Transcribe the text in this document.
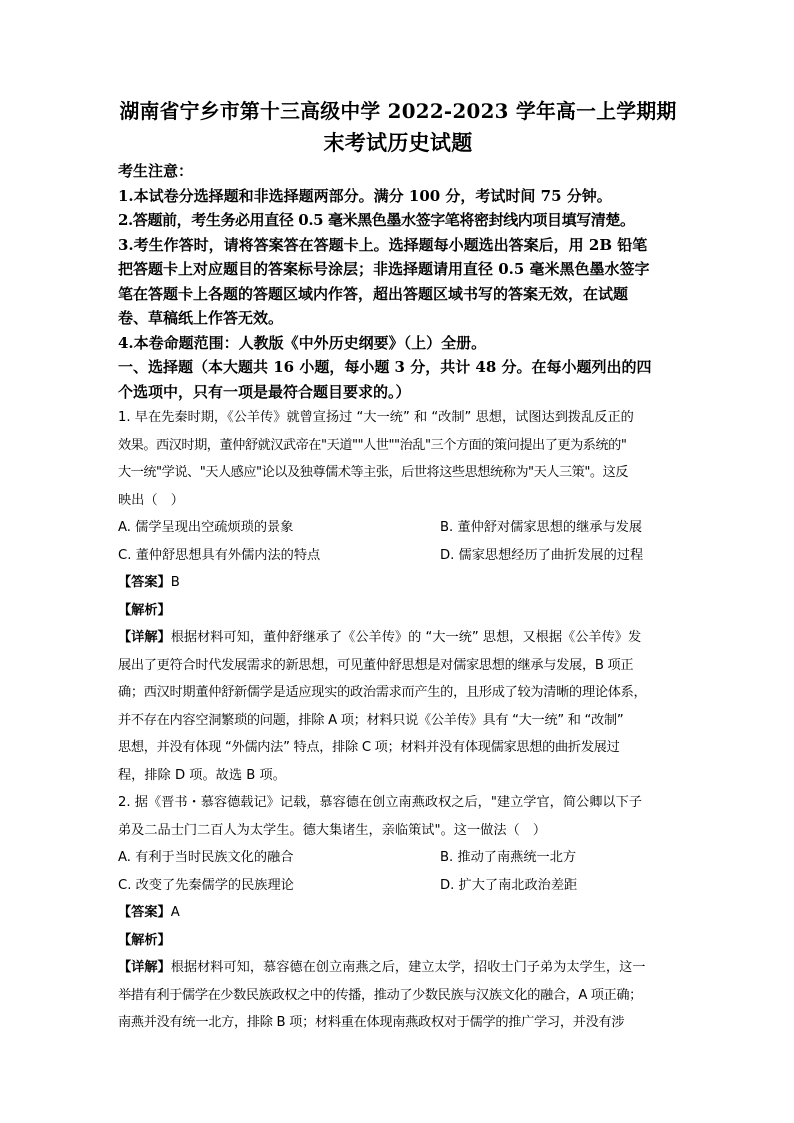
湖南省宁乡市第十三高级中学 2022-2023 学年高一上学期期
末考试历史试题

考生注意：

1.本试卷分选择题和非选择题两部分。满分 100 分，考试时间 75 分钟。

2.答题前，考生务必用直径 0.5 毫米黑色墨水签字笔将密封线内项目填写清楚。

3.考生作答时，请将答案答在答题卡上。选择题每小题选出答案后，用 2B 铅笔

把答题卡上对应题目的答案标号涂层；非选择题请用直径 0.5 毫米黑色墨水签字

笔在答题卡上各题的答题区域内作答，超出答题区域书写的答案无效，在试题

卷、草稿纸上作答无效。

4.本卷命题范围：人教版《中外历史纲要》（上）全册。

一、选择题（本大题共 16 小题，每小题 3 分，共计 48 分。在每小题列出的四

个选项中，只有一项是最符合题目要求的。）

1. 早在先秦时期，《公羊传》就曾宣扬过 “大一统” 和 “改制” 思想，试图达到拨乱反正的

效果。西汉时期，董仲舒就汉武帝在"天道""人世""治乱"三个方面的策问提出了更为系统的"

大一统"学说、"天人感应"论以及独尊儒术等主张，后世将这些思想统称为"天人三策"。这反

映出（　）

A. 儒学呈现出空疏烦琐的景象	B. 董仲舒对儒家思想的继承与发展
C. 董仲舒思想具有外儒内法的特点	D. 儒家思想经历了曲折发展的过程

【答案】B

【解析】

【详解】根据材料可知，董仲舒继承了《公羊传》的 “大一统” 思想，又根据《公羊传》发

展出了更符合时代发展需求的新思想，可见董仲舒思想是对儒家思想的继承与发展，B 项正

确；西汉时期董仲舒新儒学是适应现实的政治需求而产生的，且形成了较为清晰的理论体系，

并不存在内容空洞繁琐的问题，排除 A 项；材料只说《公羊传》具有 “大一统” 和 “改制”

思想，并没有体现 “外儒内法” 特点，排除 C 项；材料并没有体现儒家思想的曲折发展过

程，排除 D 项。故选 B 项。

2. 据《晋书・慕容德载记》记载，慕容德在创立南燕政权之后，"建立学官，简公卿以下子

弟及二品士门二百人为太学生。德大集诸生，亲临策试"。这一做法（　）

A. 有利于当时民族文化的融合	B. 推动了南燕统一北方
C. 改变了先秦儒学的民族理论	D. 扩大了南北政治差距

【答案】A

【解析】

【详解】根据材料可知，慕容德在创立南燕之后，建立太学，招收士门子弟为太学生，这一

举措有利于儒学在少数民族政权之中的传播，推动了少数民族与汉族文化的融合，A 项正确；

南燕并没有统一北方，排除 B 项；材料重在体现南燕政权对于儒学的推广学习，并没有涉
